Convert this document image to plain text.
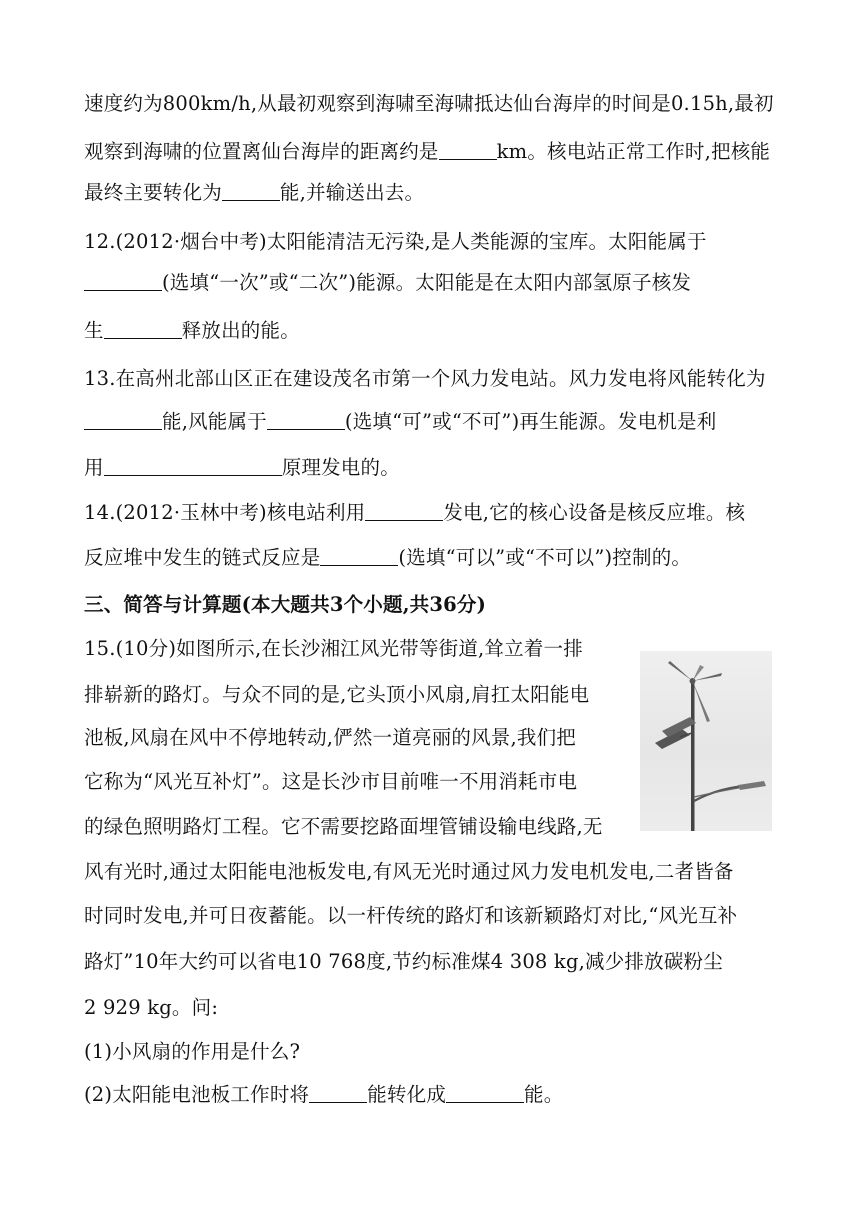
速度约为800km/h,从最初观察到海啸至海啸抵达仙台海岸的时间是0.15h,最初
观察到海啸的位置离仙台海岸的距离约是	km。核电站正常工作时,把核能
最终主要转化为	能,并输送出去。
12.(2012·烟台中考)太阳能清洁无污染,是人类能源的宝库。太阳能属于
(选填“一次”或“二次”)能源。太阳能是在太阳内部氢原子核发
生	释放出的能。
13.在高州北部山区正在建设茂名市第一个风力发电站。风力发电将风能转化为
能,风能属于	(选填“可”或“不可”)再生能源。发电机是利
用	原理发电的。
14.(2012·玉林中考)核电站利用	发电,它的核心设备是核反应堆。核
反应堆中发生的链式反应是	(选填“可以”或“不可以”)控制的。
三、简答与计算题(本大题共3个小题,共36分)
15.(10分)如图所示,在长沙湘江风光带等街道,耸立着一排
排崭新的路灯。与众不同的是,它头顶小风扇,肩扛太阳能电
池板,风扇在风中不停地转动,俨然一道亮丽的风景,我们把
它称为“风光互补灯”。这是长沙市目前唯一不用消耗市电
的绿色照明路灯工程。它不需要挖路面埋管铺设输电线路,无
风有光时,通过太阳能电池板发电,有风无光时通过风力发电机发电,二者皆备
时同时发电,并可日夜蓄能。以一杆传统的路灯和该新颖路灯对比,“风光互补
路灯”10年大约可以省电10 768度,节约标准煤4 308 kg,减少排放碳粉尘
2 929 kg。问:
(1)小风扇的作用是什么?
(2)太阳能电池板工作时将	能转化成	能。
